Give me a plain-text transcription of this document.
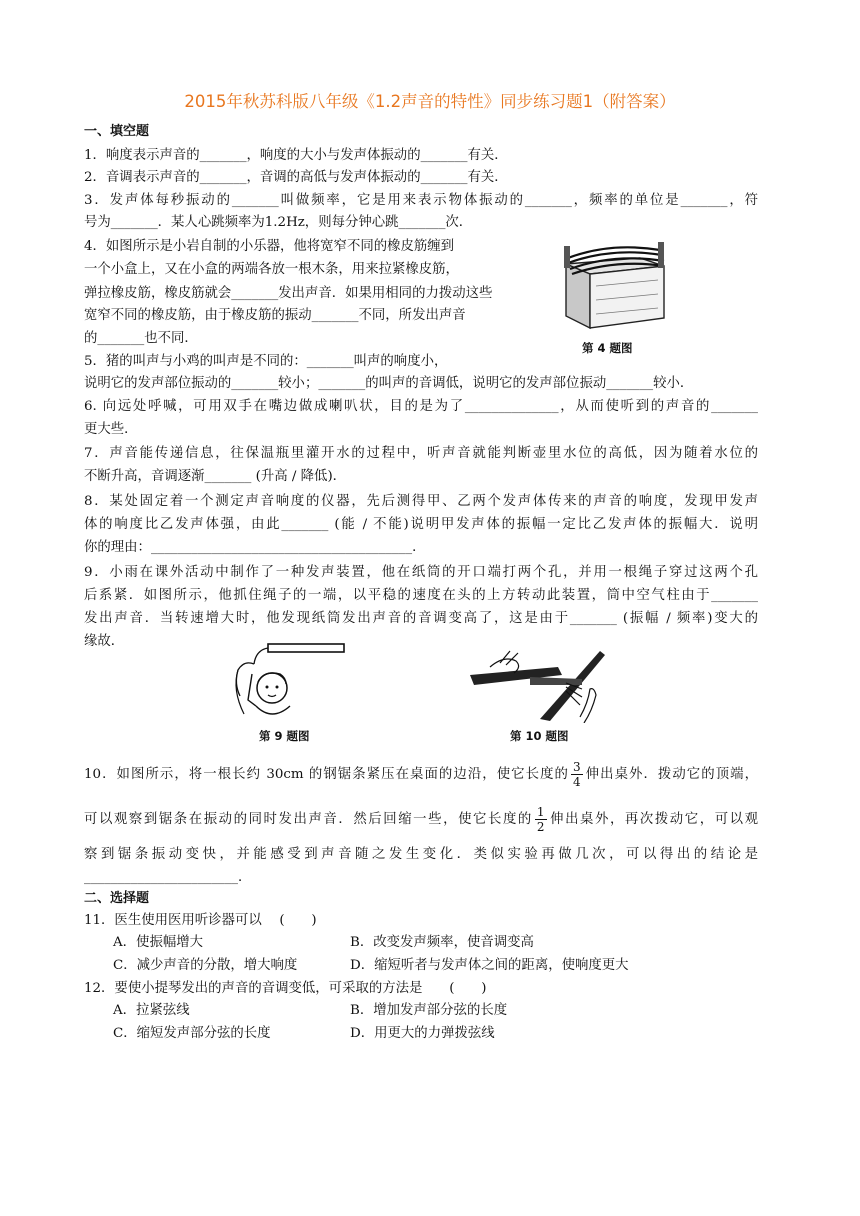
2015年秋苏科版八年级《1.2声音的特性》同步练习题1（附答案）
一、填空题
1．响度表示声音的_______，响度的大小与发声体振动的_______有关．
2．音调表示声音的_______，音调的高低与发声体振动的_______有关．
3．发声体每秒振动的_______叫做频率，它是用来表示物体振动的_______，频率的单位是_______，符
号为_______．某人心跳频率为1.2Hz，则每分钟心跳_______次．
4．如图所示是小岩自制的小乐器，他将宽窄不同的橡皮筋缠到
一个小盒上，又在小盒的两端各放一根木条，用来拉紧橡皮筋，
弹拉橡皮筋，橡皮筋就会_______发出声音．如果用相同的力拨动这些
宽窄不同的橡皮筋，由于橡皮筋的振动_______不同，所发出声音
的_______也不同．
第 4 题图
5．猪的叫声与小鸡的叫声是不同的：_______叫声的响度小，
说明它的发声部位振动的_______较小；_______的叫声的音调低，说明它的发声部位振动_______较小．
6. 向远处呼喊，可用双手在嘴边做成喇叭状，目的是为了______________，从而使听到的声音的_______
更大些．
7．声音能传递信息，往保温瓶里灌开水的过程中，听声音就能判断壶里水位的高低，因为随着水位的
不断升高，音调逐渐_______ (升高 / 降低)．
8．某处固定着一个测定声音响度的仪器，先后测得甲、乙两个发声体传来的声音的响度，发现甲发声
体的响度比乙发声体强，由此_______ (能 / 不能)说明甲发声体的振幅一定比乙发声体的振幅大．说明
你的理由：_______________________________________．
9．小雨在课外活动中制作了一种发声装置，他在纸筒的开口端打两个孔，并用一根绳子穿过这两个孔
后系紧．如图所示，他抓住绳子的一端，以平稳的速度在头的上方转动此装置，筒中空气柱由于_______
发出声音．当转速增大时，他发现纸筒发出声音的音调变高了，这是由于_______ (振幅 / 频率)变大的
缘故．
第 9 题图	第 10 题图
10．如图所示，将一根长约 30cm 的钢锯条紧压在桌面的边沿，使它长度的 $\frac{3}{4}$ 伸出桌外．拨动它的顶端，
可以观察到锯条在振动的同时发出声音．然后回缩一些，使它长度的 $\frac{1}{2}$ 伸出桌外，再次拨动它，可以观
察到锯条振动变快，并能感受到声音随之发生变化．类似实验再做几次，可以得出的结论是
_______________________．
二、选择题
11．医生使用医用听诊器可以　 (　　)
A．使振幅增大	B．改变发声频率，使音调变高
C．减少声音的分散，增大响度	D．缩短听者与发声体之间的距离，使响度更大
12．要使小提琴发出的声音的音调变低，可采取的方法是　　(　　)
A．拉紧弦线	B．增加发声部分弦的长度
C．缩短发声部分弦的长度	D．用更大的力弹拨弦线
